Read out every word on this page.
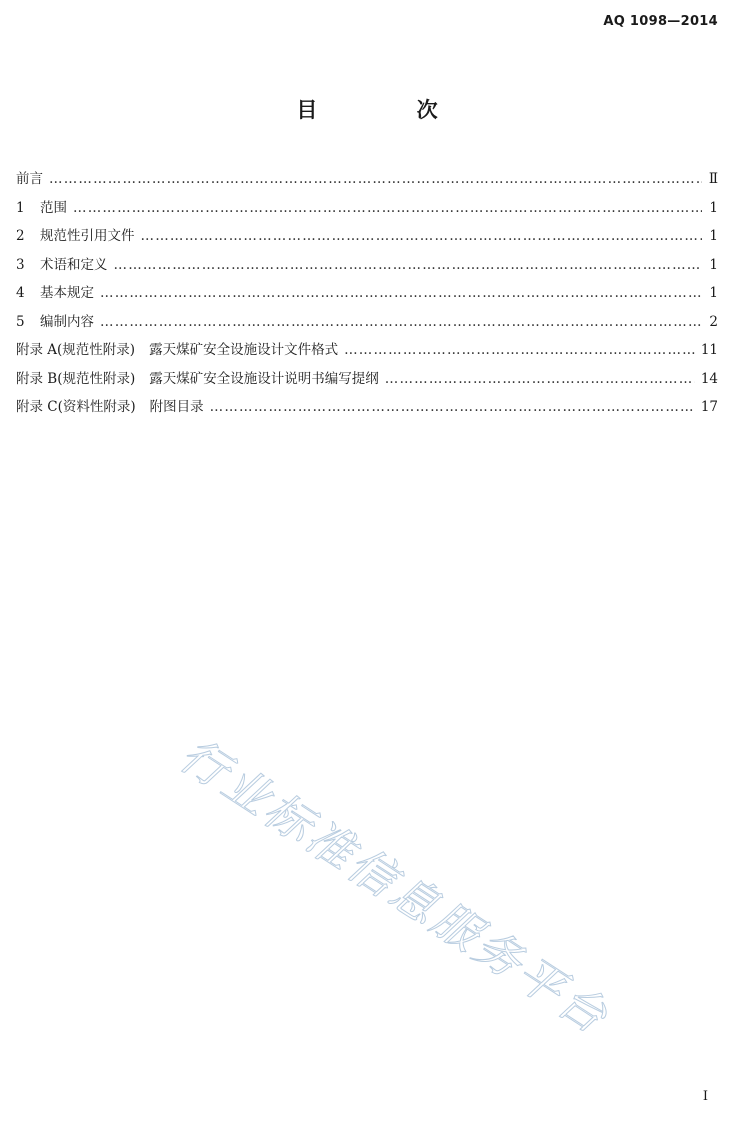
AQ 1098—2014
目 次
前言 ……………………………………………………………………………………………………………………………………………………………………………………………………………………	Ⅱ
1 范围 ……………………………………………………………………………………………………………………………………………………………………………………………………………………	1
2 规范性引用文件 ……………………………………………………………………………………………………………………………………………………………………………………………………………………	1
3 术语和定义 ……………………………………………………………………………………………………………………………………………………………………………………………………………………	1
4 基本规定 ……………………………………………………………………………………………………………………………………………………………………………………………………………………	1
5 编制内容 ……………………………………………………………………………………………………………………………………………………………………………………………………………………	2
附录 A(规范性附录) 露天煤矿安全设施设计文件格式 ……………………………………………………………………………………………………………………………………………………………………………………………………………………	11
附录 B(规范性附录) 露天煤矿安全设施设计说明书编写提纲 ……………………………………………………………………………………………………………………………………………………………………………………………………………………	14
附录 C(资料性附录) 附图目录 ……………………………………………………………………………………………………………………………………………………………………………………………………………………	17
行业标准信息服务平台
I
